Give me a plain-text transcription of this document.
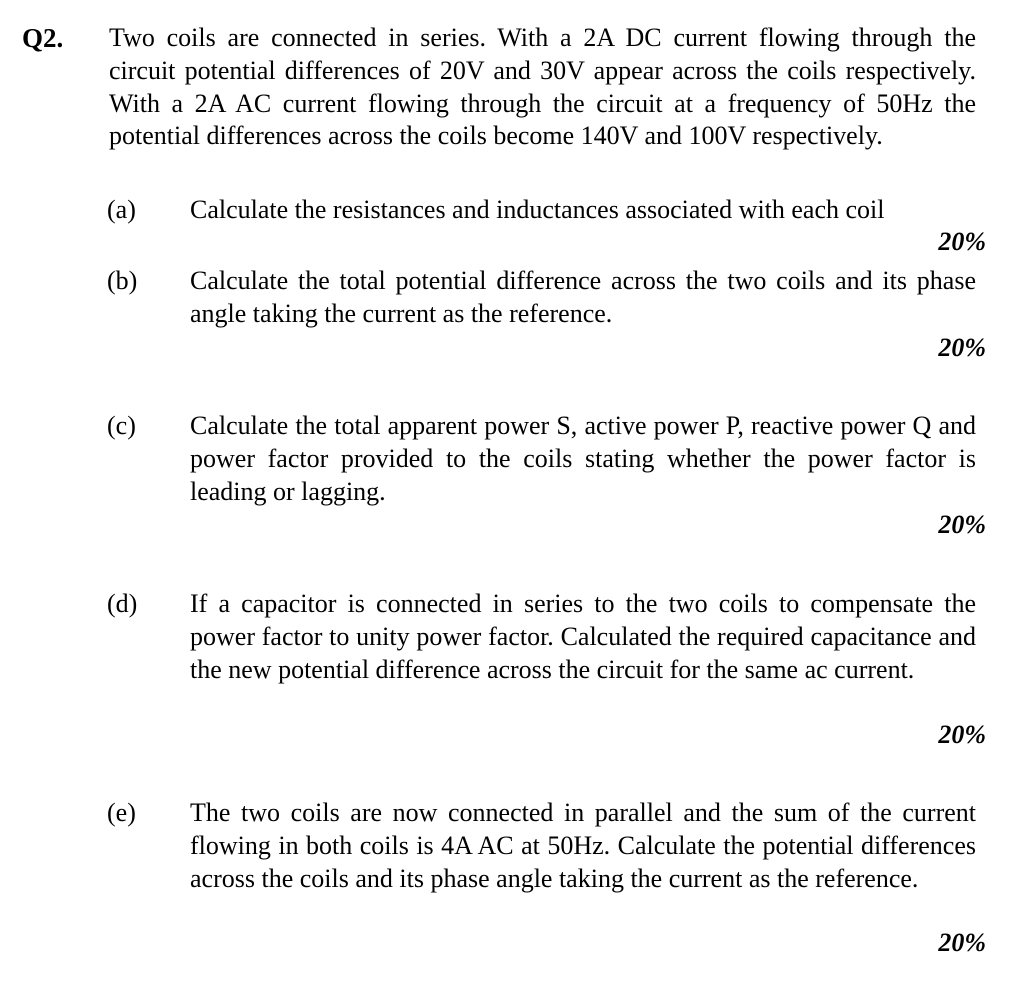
Q2. Two coils are connected in series. With a 2A DC current flowing through the circuit potential differences of 20V and 30V appear across the coils respectively. With a 2A AC current flowing through the circuit at a frequency of 50Hz the potential differences across the coils become 140V and 100V respectively.
(a) Calculate the resistances and inductances associated with each coil
20%
(b) Calculate the total potential difference across the two coils and its phase angle taking the current as the reference.
20%
(c) Calculate the total apparent power S, active power P, reactive power Q and power factor provided to the coils stating whether the power factor is leading or lagging.
20%
(d) If a capacitor is connected in series to the two coils to compensate the power factor to unity power factor. Calculated the required capacitance and the new potential difference across the circuit for the same ac current.
20%
(e) The two coils are now connected in parallel and the sum of the current flowing in both coils is 4A AC at 50Hz. Calculate the potential differences across the coils and its phase angle taking the current as the reference.
20%
